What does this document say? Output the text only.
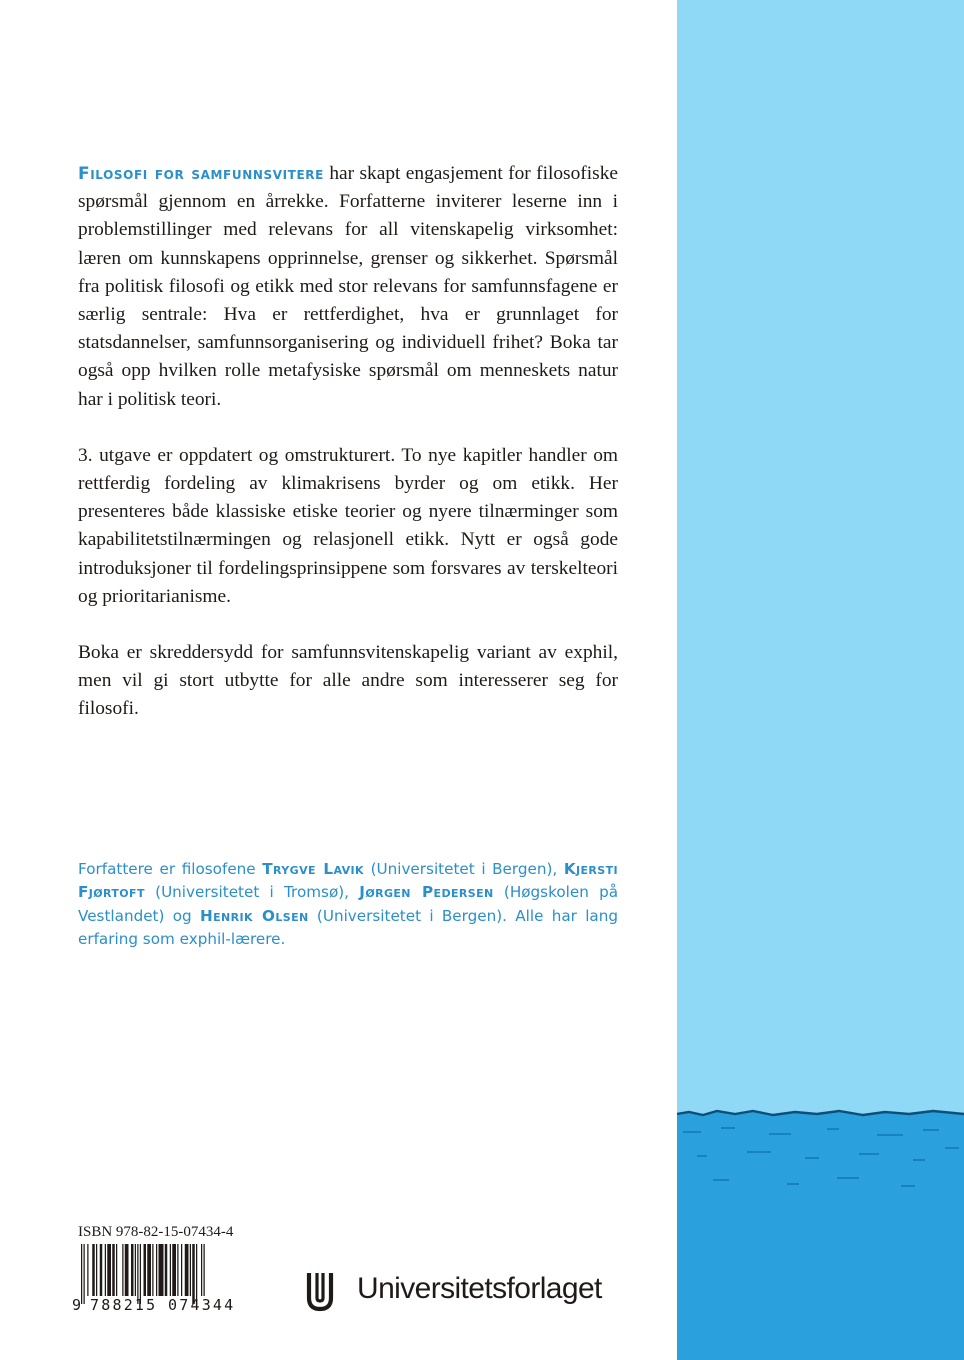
Filosofi for samfunnsvitere har skapt engasjement for filosofiske spørsmål gjennom en årrekke. Forfatterne inviterer leserne inn i problemstillinger med relevans for all vitenskapelig virksomhet: læren om kunnskapens opprinnelse, grenser og sikkerhet. Spørsmål fra politisk filosofi og etikk med stor relevans for samfunnsfagene er særlig sentrale: Hva er rettferdighet, hva er grunnlaget for statsdannelser, samfunnsorganisering og individuell frihet? Boka tar også opp hvilken rolle metafysiske spørsmål om menneskets natur har i politisk teori.

3. utgave er oppdatert og omstrukturert. To nye kapitler handler om rettferdig fordeling av klimakrisens byrder og om etikk. Her presenteres både klassiske etiske teorier og nyere tilnærminger som kapabilitetstilnærmingen og relasjonell etikk. Nytt er også gode introduksjoner til fordelingsprinsippene som forsvares av terskelteori og prioritarianisme.

Boka er skreddersydd for samfunnsvitenskapelig variant av exphil, men vil gi stort utbytte for alle andre som interesserer seg for filosofi.

Forfattere er filosofene Trygve Lavik (Universitetet i Bergen), Kjersti Fjørtoft (Universitetet i Tromsø), Jørgen Pedersen (Høgskolen på Vestlandet) og Henrik Olsen (Universitetet i Bergen). Alle har lang erfaring som exphil-lærere.
ISBN 978-82-15-07434-4
9 788215 074344	Universitetsforlaget
